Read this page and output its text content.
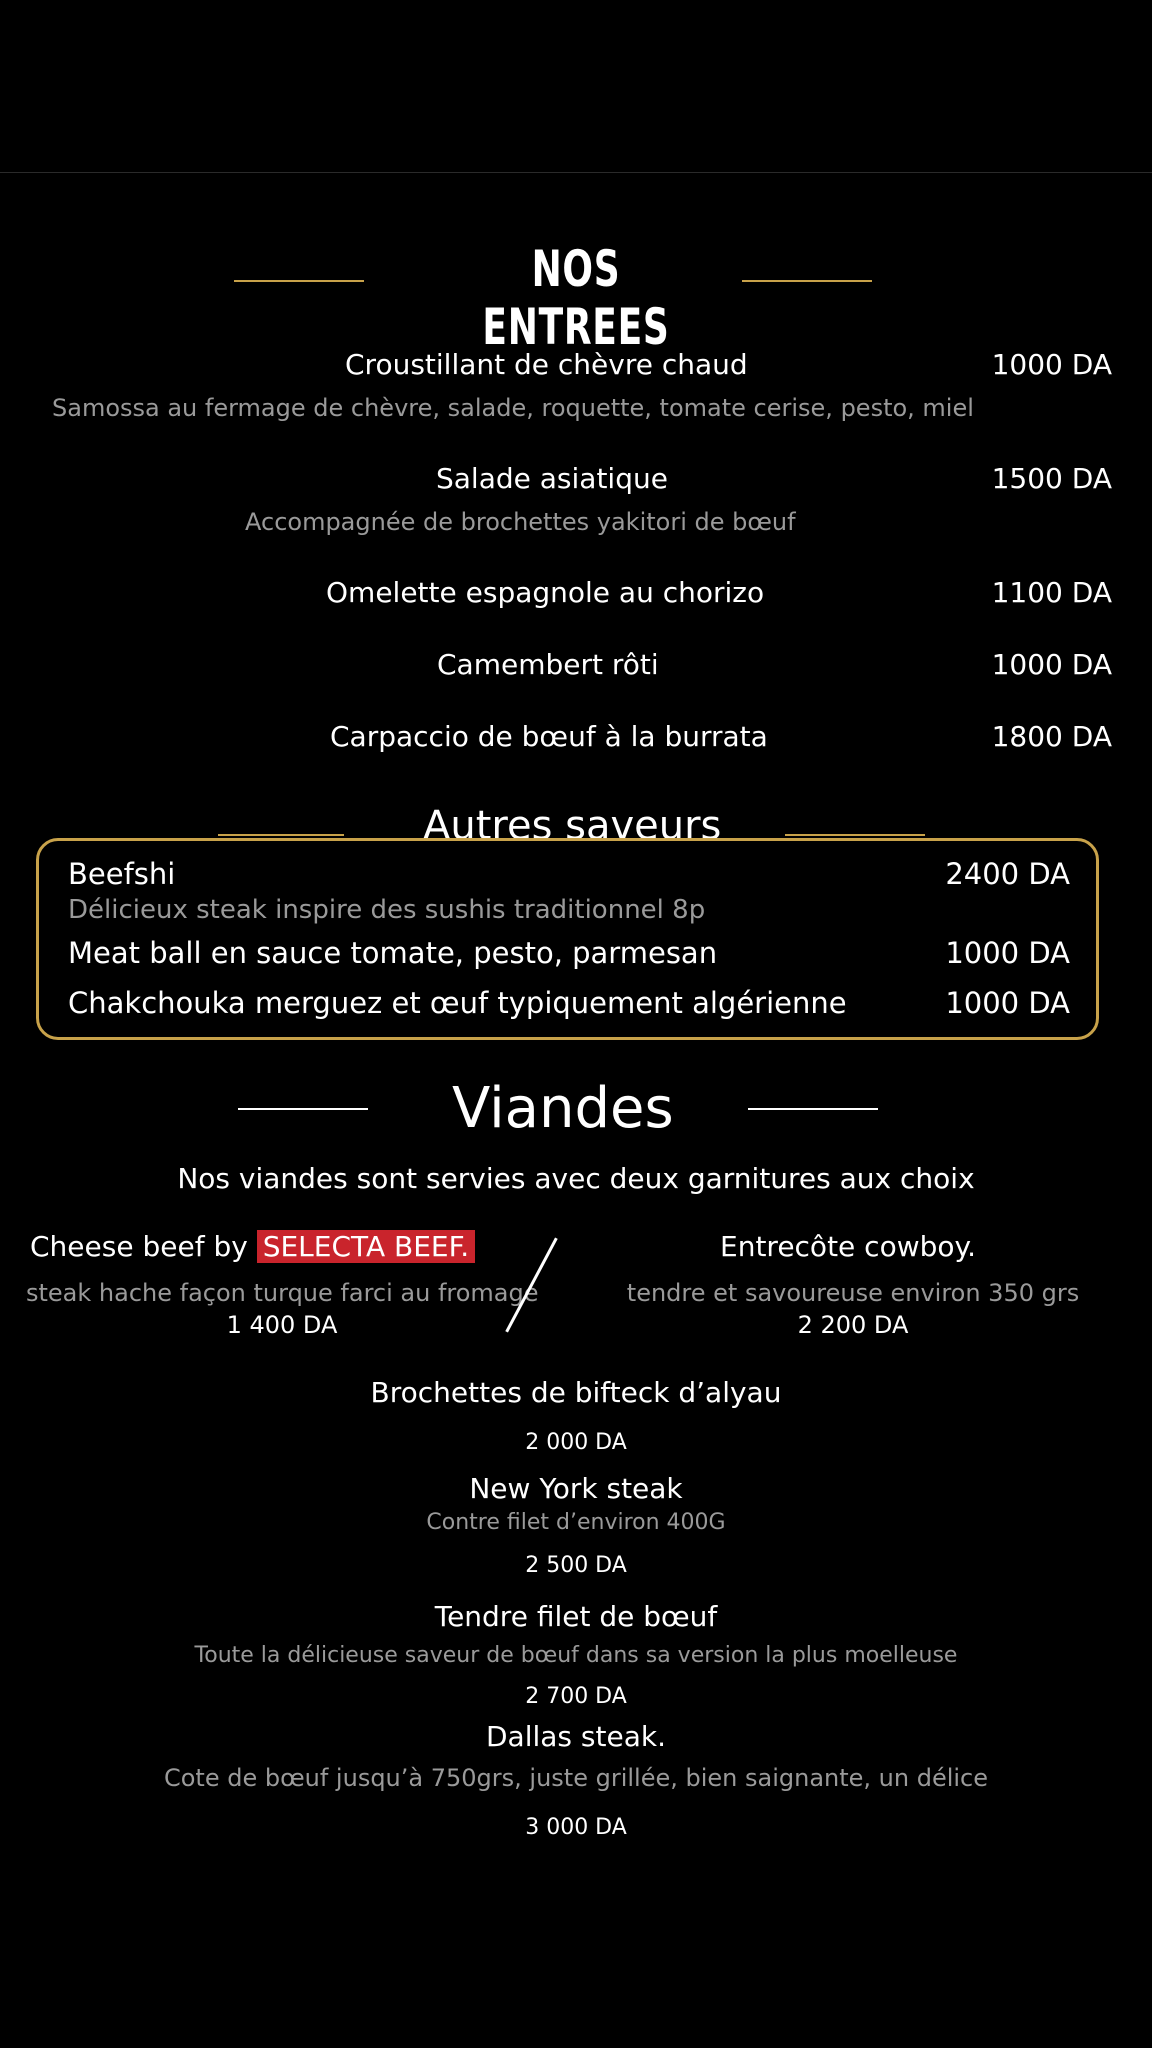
NOS ENTREES
Croustillant de chèvre chaud	1000 DA
Samossa au fermage de chèvre, salade, roquette, tomate cerise, pesto, miel
Salade asiatique	1500 DA
Accompagnée de brochettes yakitori de bœuf
Omelette espagnole au chorizo	1100 DA
Camembert rôti	1000 DA
Carpaccio de bœuf à la burrata	1800 DA
Autres saveurs
Beefshi	2400 DA
Délicieux steak inspire des sushis traditionnel 8p
Meat ball en sauce tomate, pesto, parmesan	1000 DA
Chakchouka merguez et œuf typiquement algérienne	1000 DA
Viandes
Nos viandes sont servies avec deux garnitures aux choix
Cheese beef by SELECTA BEEF.
steak hache façon turque farci au fromage
1 400 DA
Entrecôte cowboy.
tendre et savoureuse environ 350 grs
2 200 DA
Brochettes de bifteck d’alyau
2 000 DA
New York steak
Contre filet d’environ 400G
2 500 DA
Tendre filet de bœuf
Toute la délicieuse saveur de bœuf dans sa version la plus moelleuse
2 700 DA
Dallas steak.
Cote de bœuf jusqu’à 750grs, juste grillée, bien saignante, un délice
3 000 DA
